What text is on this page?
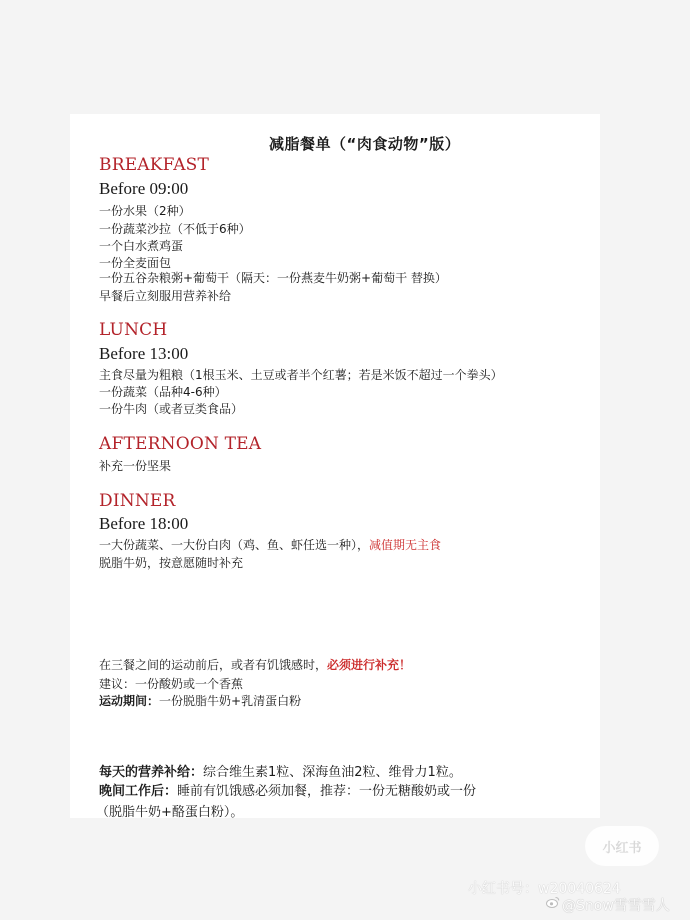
减脂餐单（“肉食动物”版）
BREAKFAST
Before 09:00
一份水果（2种）
一份蔬菜沙拉（不低于6种）
一个白水煮鸡蛋
一份全麦面包
一份五谷杂粮粥+葡萄干（隔天：一份燕麦牛奶粥+葡萄干 替换）
早餐后立刻服用营养补给
LUNCH
Before 13:00
主食尽量为粗粮（1根玉米、土豆或者半个红薯；若是米饭不超过一个拳头）
一份蔬菜（品种4-6种）
一份牛肉（或者豆类食品）
AFTERNOON TEA
补充一份坚果
DINNER
Before 18:00
一大份蔬菜、一大份白肉（鸡、鱼、虾任选一种），减值期无主食
脱脂牛奶，按意愿随时补充
在三餐之间的运动前后，或者有饥饿感时，必须进行补充！
建议：一份酸奶或一个香蕉
运动期间：一份脱脂牛奶+乳清蛋白粉
每天的营养补给：综合维生素1粒、深海鱼油2粒、维骨力1粒。
晚间工作后：睡前有饥饿感必须加餐，推荐：一份无糖酸奶或一份
（脱脂牛奶+酪蛋白粉）。
小红书
小红书号：w20040624
@Snow雪雪雪人
